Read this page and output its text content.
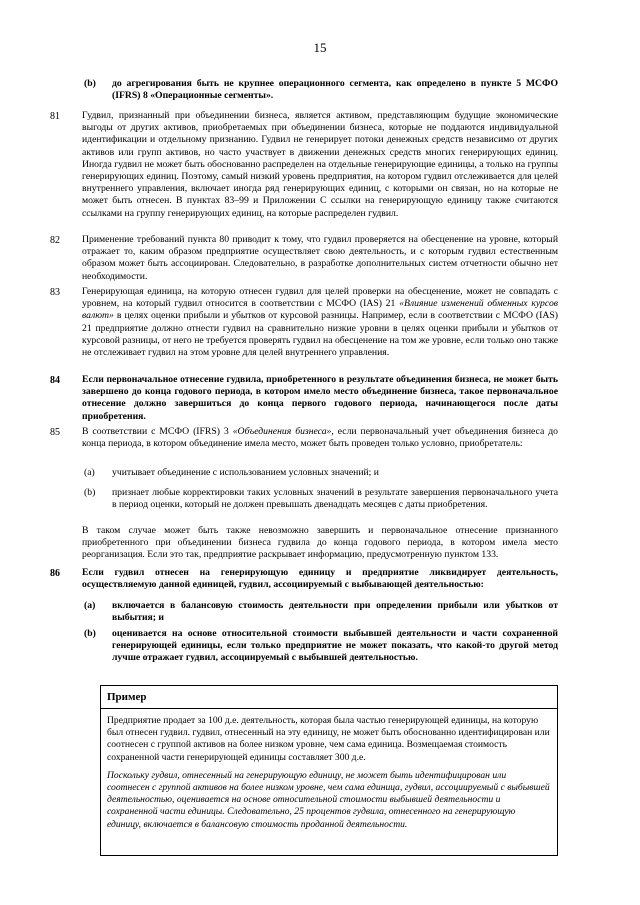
15
(b) до агрегирования быть не крупнее операционного сегмента, как определено в пункте 5 МСФО (IFRS) 8 «Операционные сегменты».

81 Гудвил, признанный при объединении бизнеса, является активом, представляющим будущие экономические выгоды от других активов, приобретаемых при объединении бизнеса, которые не поддаются индивидуальной идентификации и отдельному признанию. Гудвил не генерирует потоки денежных средств независимо от других активов или групп активов, но часто участвует в движении денежных средств многих генерирующих единиц. Иногда гудвил не может быть обоснованно распределен на отдельные генерирующие единицы, а только на группы генерирующих единиц. Поэтому, самый низкий уровень предприятия, на котором гудвил отслеживается для целей внутреннего управления, включает иногда ряд генерирующих единиц, с которыми он связан, но на которые не может быть отнесен. В пунктах 83–99 и Приложении С ссылки на генерирующую единицу также считаются ссылками на группу генерирующих единиц, на которые распределен гудвил.

82 Применение требований пункта 80 приводит к тому, что гудвил проверяется на обесценение на уровне, который отражает то, каким образом предприятие осуществляет свою деятельность, и с которым гудвил естественным образом может быть ассоциирован. Следовательно, в разработке дополнительных систем отчетности обычно нет необходимости.

83 Генерирующая единица, на которую отнесен гудвил для целей проверки на обесценение, может не совпадать с уровнем, на который гудвил относится в соответствии с МСФО (IAS) 21 «Влияние изменений обменных курсов валют» в целях оценки прибыли и убытков от курсовой разницы. Например, если в соответствии с МСФО (IAS) 21 предприятие должно отнести гудвил на сравнительно низкие уровни в целях оценки прибыли и убытков от курсовой разницы, от него не требуется проверять гудвил на обесценение на том же уровне, если только оно также не отслеживает гудвил на этом уровне для целей внутреннего управления.

84 Если первоначальное отнесение гудвила, приобретенного в результате объединения бизнеса, не может быть завершено до конца годового периода, в котором имело место объединение бизнеса, такое первоначальное отнесение должно завершиться до конца первого годового периода, начинающегося после даты приобретения.

85 В соответствии с МСФО (IFRS) 3 «Объединения бизнеса», если первоначальный учет объединения бизнеса до конца периода, в котором объединение имела место, может быть проведен только условно, приобретатель:

(a) учитывает объединение с использованием условных значений; и

(b) признает любые корректировки таких условных значений в результате завершения первоначального учета в период оценки, который не должен превышать двенадцать месяцев с даты приобретения.

В таком случае может быть также невозможно завершить и первоначальное отнесение признанного приобретенного при объединении бизнеса гудвила до конца годового периода, в котором имела место реорганизация. Если это так, предприятие раскрывает информацию, предусмотренную пунктом 133.

86 Если гудвил отнесен на генерирующую единицу и предприятие ликвидирует деятельность, осуществляемую данной единицей, гудвил, ассоциируемый с выбывающей деятельностью:

(a) включается в балансовую стоимость деятельности при определении прибыли или убытков от выбытия; и

(b) оценивается на основе относительной стоимости выбывшей деятельности и части сохраненной генерирующей единицы, если только предприятие не может показать, что какой-то другой метод лучше отражает гудвил, ассоциируемый с выбывшей деятельностью.

Пример

Предприятие продает за 100 д.е. деятельность, которая была частью генерирующей единицы, на которую был отнесен гудвил. гудвил, отнесенный на эту единицу, не может быть обоснованно идентифицирован или соотнесен с группой активов на более низком уровне, чем сама единица. Возмещаемая стоимость сохраненной части генерирующей единицы составляет 300 д.е.

Поскольку гудвил, отнесенный на генерирующую единицу, не может быть идентифицирован или соотнесен с группой активов на более низком уровне, чем сама единица, гудвил, ассоциируемый с выбывшей деятельностью, оценивается на основе относительной стоимости выбывшей деятельности и сохраненной части единицы. Следовательно, 25 процентов гудвила, отнесенного на генерирующую единицу, включается в балансовую стоимость проданной деятельности.
